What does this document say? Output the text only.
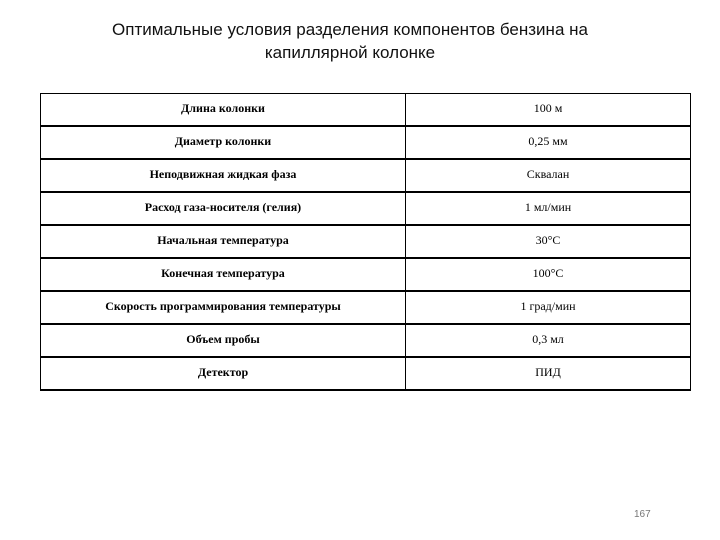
Оптимальные условия разделения компонентов бензина на
капиллярной колонке
Длина колонки	100 м
Диаметр колонки	0,25 мм
Неподвижная жидкая фаза	Сквалан
Расход газа-носителя (гелия)	1 мл/мин
Начальная температура	30°С
Конечная температура	100°С
Скорость программирования температуры	1 град/мин
Объем пробы	0,3 мл
Детектор	ПИД
167
